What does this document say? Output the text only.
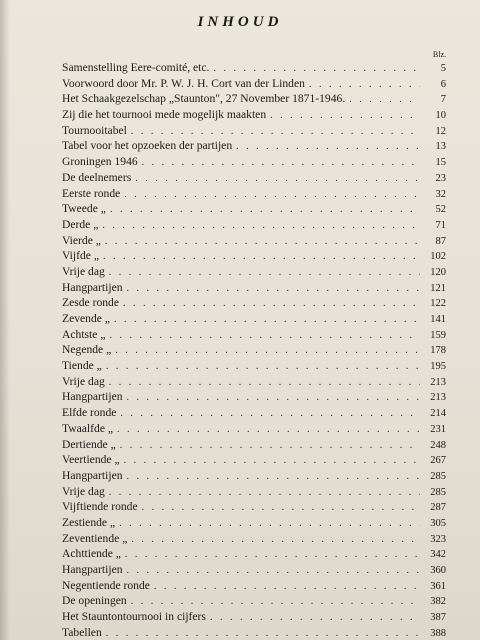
INHOUD
Blz.
Samenstelling Eere-comité, etc. . . .	5
Voorwoord door Mr. P. W. J. H. Cort van der Linden . . .	6
Het Schaakgezelschap „Staunton", 27 November 1871-1946. . . .	7
Zij die het tournooi mede mogelijk maakten . . .	10
Tournooitabel . . .	12
Tabel voor het opzoeken der partijen . . .	13
Groningen 1946 . . .	15
De deelnemers . . .	23
Eerste ronde . . .	32
Tweede „ . . .	52
Derde „ . . .	71
Vierde „ . . .	87
Vijfde „ . . .	102
Vrije dag . . .	120
Hangpartijen . . .	121
Zesde ronde . . .	122
Zevende „ . . .	141
Achtste „ . . .	159
Negende „ . . .	178
Tiende „ . . .	195
Vrije dag . . .	213
Hangpartijen . . .	213
Elfde ronde . . .	214
Twaalfde „ . . .	231
Dertiende „ . . .	248
Veertiende „ . . .	267
Hangpartijen . . .	285
Vrije dag . . .	285
Vijftiende ronde . . .	287
Zestiende „ . . .	305
Zeventiende „ . . .	323
Achttiende „ . . .	342
Hangpartijen . . .	360
Negentiende ronde . . .	361
De openingen . . .	382
Het Stauntontournooi in cijfers . . .	387
Tabellen . . .	388
